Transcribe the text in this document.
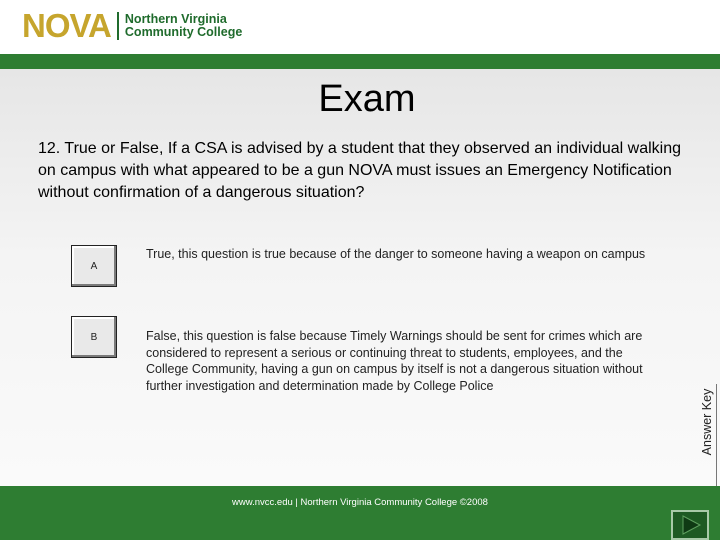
NOVA Northern Virginia
Community College
Exam
12. True or False, If a CSA is advised by a student that they observed an individual walking on campus with what appeared to be a gun NOVA must issues an Emergency Notification without confirmation of a dangerous situation?
A
True, this question is true because of the danger to someone having a weapon on campus
B	False, this question is false because Timely Warnings should be sent for crimes which are considered to represent a serious or continuing threat to students, employees, and the College Community, having a gun on campus by itself is not a dangerous situation without further investigation and determination made by College Police
Answer Key
www.nvcc.edu | Northern Virginia Community College ©2008
